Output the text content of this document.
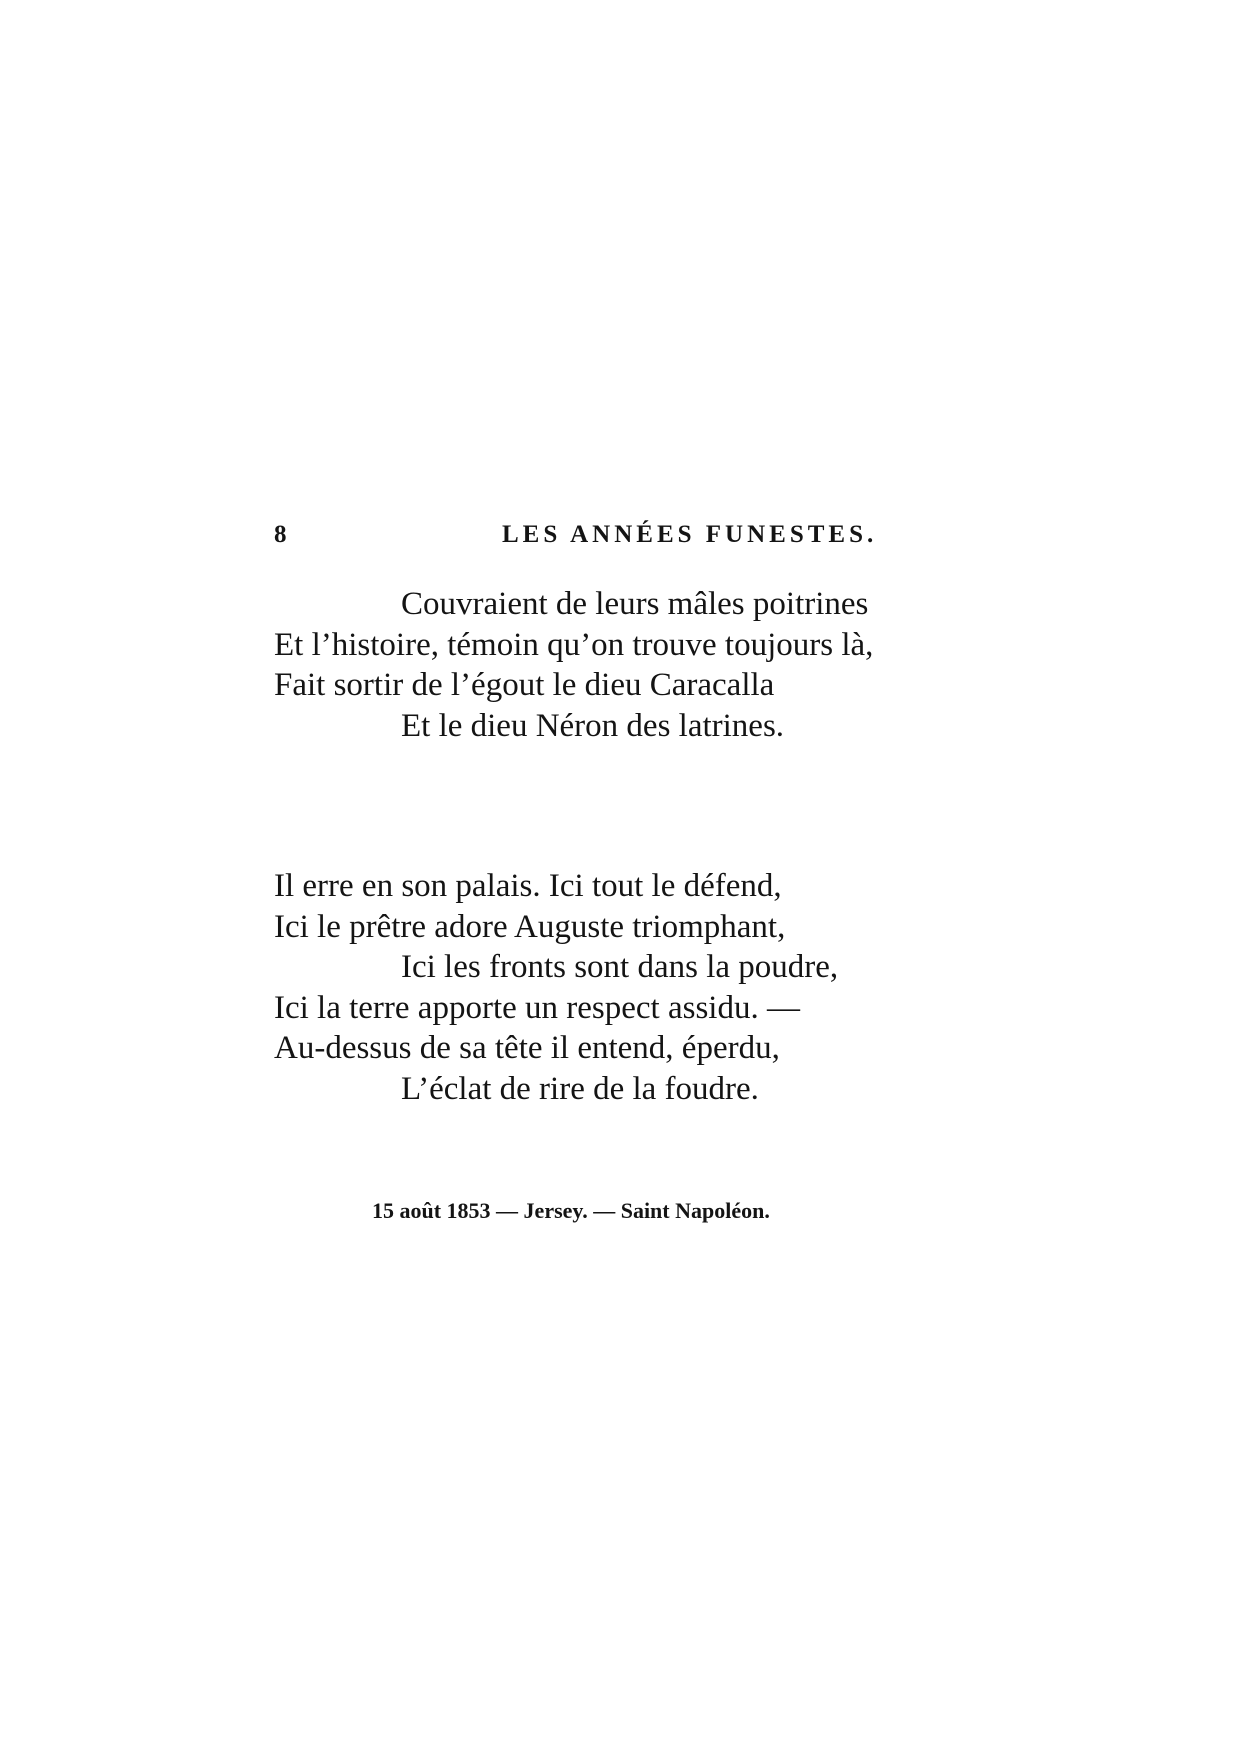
8	LES ANNÉES FUNESTES.
Couvraient de leurs mâles poitrines
Et l’histoire, témoin qu’on trouve toujours là,
Fait sortir de l’égout le dieu Caracalla
Et le dieu Néron des latrines.
Il erre en son palais. Ici tout le défend,
Ici le prêtre adore Auguste triomphant,
Ici les fronts sont dans la poudre,
Ici la terre apporte un respect assidu. —
Au-dessus de sa tête il entend, éperdu,
L’éclat de rire de la foudre.
15 août 1853 — Jersey. — Saint Napoléon.
